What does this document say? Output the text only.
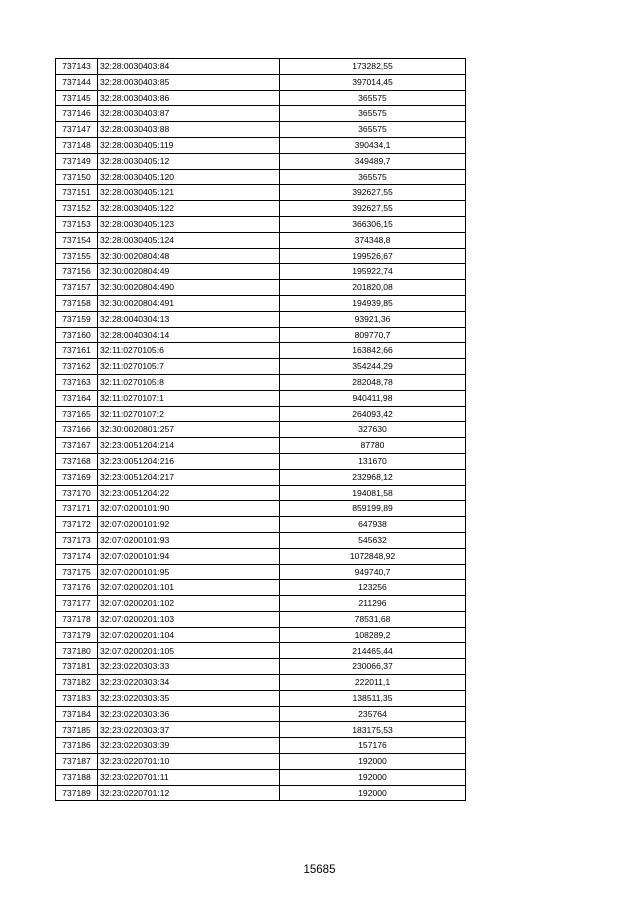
737143	32:28:0030403:84	173282,55
737144	32:28:0030403:85	397014,45
737145	32:28:0030403:86	365575
737146	32:28:0030403:87	365575
737147	32:28:0030403:88	365575
737148	32:28:0030405:119	390434,1
737149	32:28:0030405:12	349489,7
737150	32:28:0030405:120	365575
737151	32:28:0030405:121	392627,55
737152	32:28:0030405:122	392627,55
737153	32:28:0030405:123	366306,15
737154	32:28:0030405:124	374348,8
737155	32:30:0020804:48	199526,67
737156	32:30:0020804:49	195922,74
737157	32:30:0020804:490	201820,08
737158	32:30:0020804:491	194939,85
737159	32:28:0040304:13	93921,36
737160	32:28:0040304:14	809770,7
737161	32:11:0270105:6	163842,66
737162	32:11:0270105:7	354244,29
737163	32:11:0270105:8	282048,78
737164	32:11:0270107:1	940411,98
737165	32:11:0270107:2	264093,42
737166	32:30:0020801:257	327630
737167	32:23:0051204:214	87780
737168	32:23:0051204:216	131670
737169	32:23:0051204:217	232968,12
737170	32:23:0051204:22	194081,58
737171	32:07:0200101:90	859199,89
737172	32:07:0200101:92	647938
737173	32:07:0200101:93	545632
737174	32:07:0200101:94	1072848,92
737175	32:07:0200101:95	949740,7
737176	32:07:0200201:101	123256
737177	32:07:0200201:102	211296
737178	32:07:0200201:103	78531,68
737179	32:07:0200201:104	108289,2
737180	32:07:0200201:105	214465,44
737181	32:23:0220303:33	230066,37
737182	32:23:0220303:34	222011,1
737183	32:23:0220303:35	138511,35
737184	32:23:0220303:36	235764
737185	32:23:0220303:37	183175,53
737186	32:23:0220303:39	157176
737187	32:23:0220701:10	192000
737188	32:23:0220701:11	192000
737189	32:23:0220701:12	192000
15685
